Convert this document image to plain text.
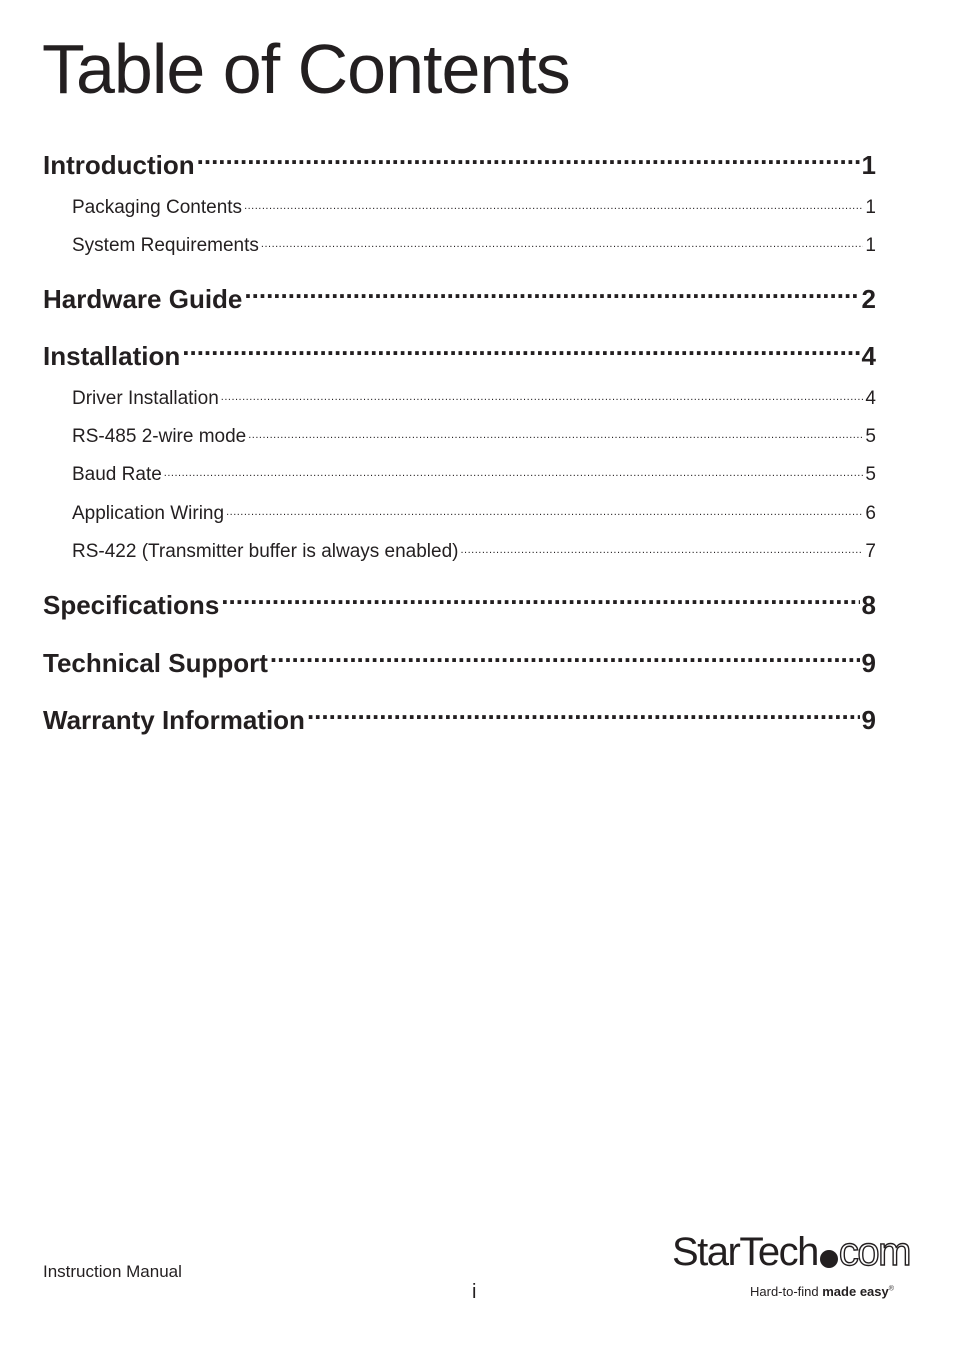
Table of Contents
Introduction .....	1
Packaging Contents .....	1
System Requirements .....	1
Hardware Guide .....	2
Installation .....	4
Driver Installation .....	4
RS-485 2-wire mode .....	5
Baud Rate .....	5
Application Wiring .....	6
RS-422 (Transmitter buffer is always enabled) .....	7
Specifications .....	8
Technical Support .....	9
Warranty Information .....	9
Instruction Manual
i
StarTech com
Hard-to-find made easy®
